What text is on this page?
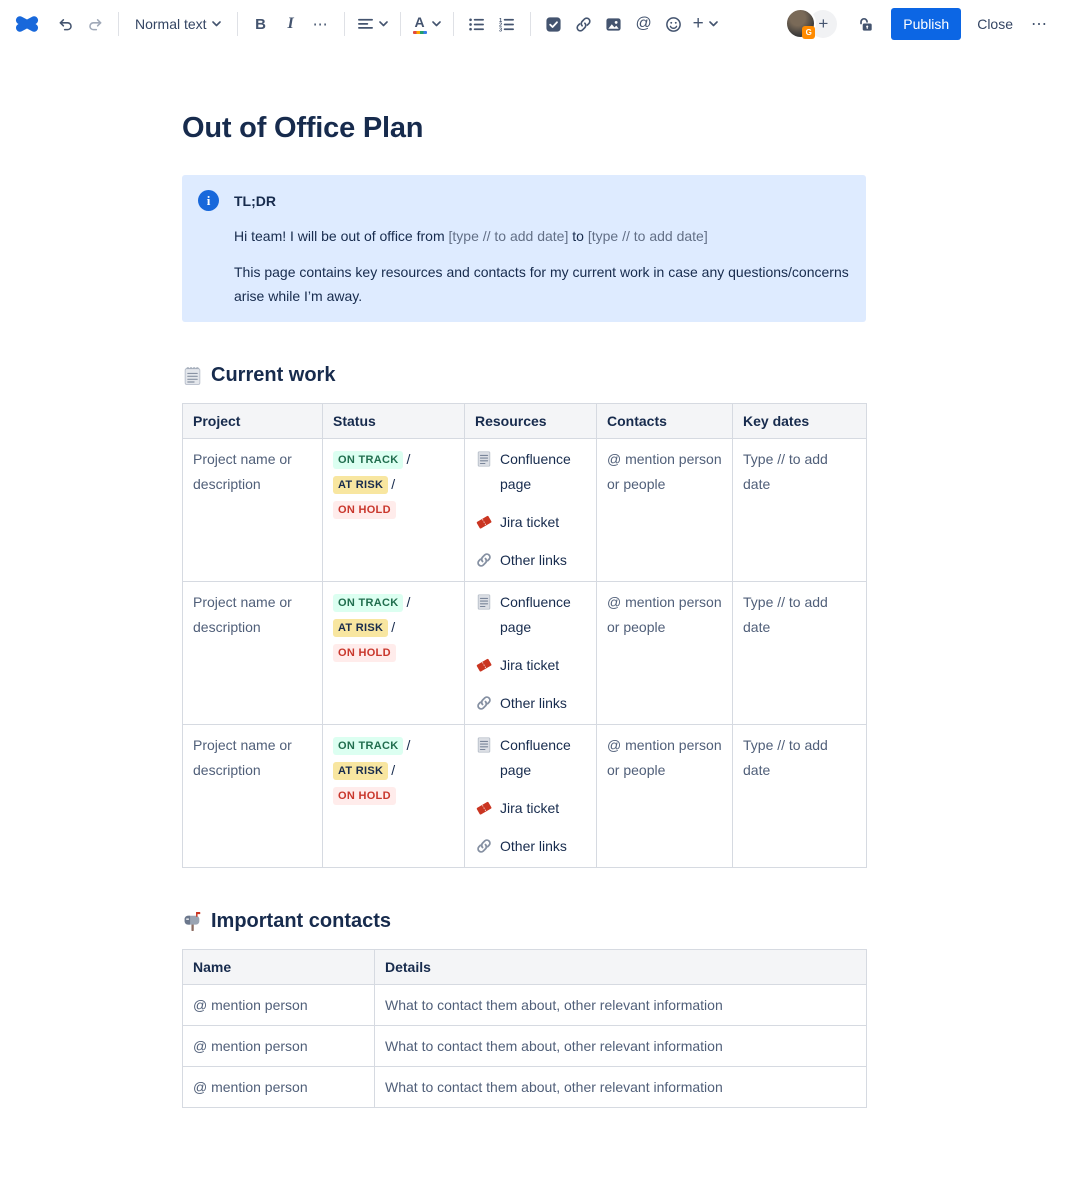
Normal text	B	I	⋯	A	1
2
3	@	+	G +	Publish	Close	⋯
Out of Office Plan
i	TL;DR

Hi team! I will be out of office from [type // to add date] to [type // to add date]

This page contains key resources and contacts for my current work in case any questions/concerns arise while I’m away.

Current work
Project	Status	Resources	Contacts	Key dates
Project name or description	ON TRACK /AT RISK /ON HOLD	Confluence page
Jira ticket
Other links	@ mention person or people	Type // to add date
Project name or description	ON TRACK /AT RISK /ON HOLD	Confluence page
Jira ticket
Other links	@ mention person or people	Type // to add date
Project name or description	ON TRACK /AT RISK /ON HOLD	Confluence page
Jira ticket
Other links	@ mention person or people	Type // to add date
Important contacts
Name	Details
@ mention person	What to contact them about, other relevant information
@ mention person	What to contact them about, other relevant information
@ mention person	What to contact them about, other relevant information
